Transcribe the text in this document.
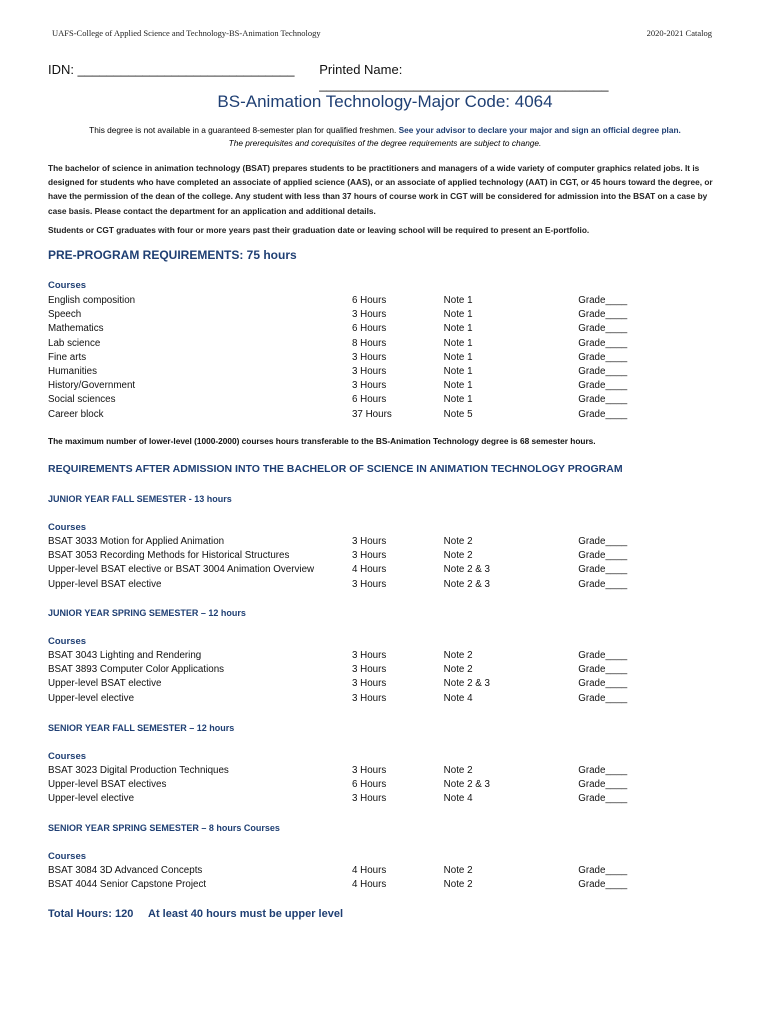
UAFS-College of Applied Science and Technology-BS-Animation Technology	2020-2021 Catalog
IDN: ______________________________	Printed Name: ________________________________________
BS-Animation Technology-Major Code: 4064
This degree is not available in a guaranteed 8-semester plan for qualified freshmen. See your advisor to declare your major and sign an official degree plan.
The prerequisites and corequisites of the degree requirements are subject to change.
The bachelor of science in animation technology (BSAT) prepares students to be practitioners and managers of a wide variety of computer graphics related jobs. It is designed for students who have completed an associate of applied science (AAS), or an associate of applied technology (AAT) in CGT, or 45 hours toward the degree, or have the permission of the dean of the college. Any student with less than 37 hours of course work in CGT will be considered for admission into the BSAT on a case by case basis. Please contact the department for an application and additional details.
Students or CGT graduates with four or more years past their graduation date or leaving school will be required to present an E-portfolio.
PRE-PROGRAM REQUIREMENTS: 75 hours
Courses
English composition	6 Hours	Note 1	Grade____
Speech	3 Hours	Note 1	Grade____
Mathematics	6 Hours	Note 1	Grade____
Lab science	8 Hours	Note 1	Grade____
Fine arts	3 Hours	Note 1	Grade____
Humanities	3 Hours	Note 1	Grade____
History/Government	3 Hours	Note 1	Grade____
Social sciences	6 Hours	Note 1	Grade____
Career block	37 Hours	Note 5	Grade____
The maximum number of lower-level (1000-2000) courses hours transferable to the BS-Animation Technology degree is 68 semester hours.
REQUIREMENTS AFTER ADMISSION INTO THE BACHELOR OF SCIENCE IN ANIMATION TECHNOLOGY PROGRAM
JUNIOR YEAR FALL SEMESTER - 13 hours
Courses
BSAT 3033 Motion for Applied Animation	3 Hours	Note 2	Grade____
BSAT 3053 Recording Methods for Historical Structures	3 Hours	Note 2	Grade____
Upper-level BSAT elective or BSAT 3004 Animation Overview	4 Hours	Note 2 & 3	Grade____
Upper-level BSAT elective	3 Hours	Note 2 & 3	Grade____
JUNIOR YEAR SPRING SEMESTER – 12 hours
Courses
BSAT 3043 Lighting and Rendering	3 Hours	Note 2	Grade____
BSAT 3893 Computer Color Applications	3 Hours	Note 2	Grade____
Upper-level BSAT elective	3 Hours	Note 2 & 3	Grade____
Upper-level elective	3 Hours	Note 4	Grade____
SENIOR YEAR FALL SEMESTER – 12 hours
Courses
BSAT 3023 Digital Production Techniques	3 Hours	Note 2	Grade____
Upper-level BSAT electives	6 Hours	Note 2 & 3	Grade____
Upper-level elective	3 Hours	Note 4	Grade____
SENIOR YEAR SPRING SEMESTER – 8 hours Courses
Courses
BSAT 3084 3D Advanced Concepts	4 Hours	Note 2	Grade____
BSAT 4044 Senior Capstone Project	4 Hours	Note 2	Grade____
Total Hours: 120	At least 40 hours must be upper level
